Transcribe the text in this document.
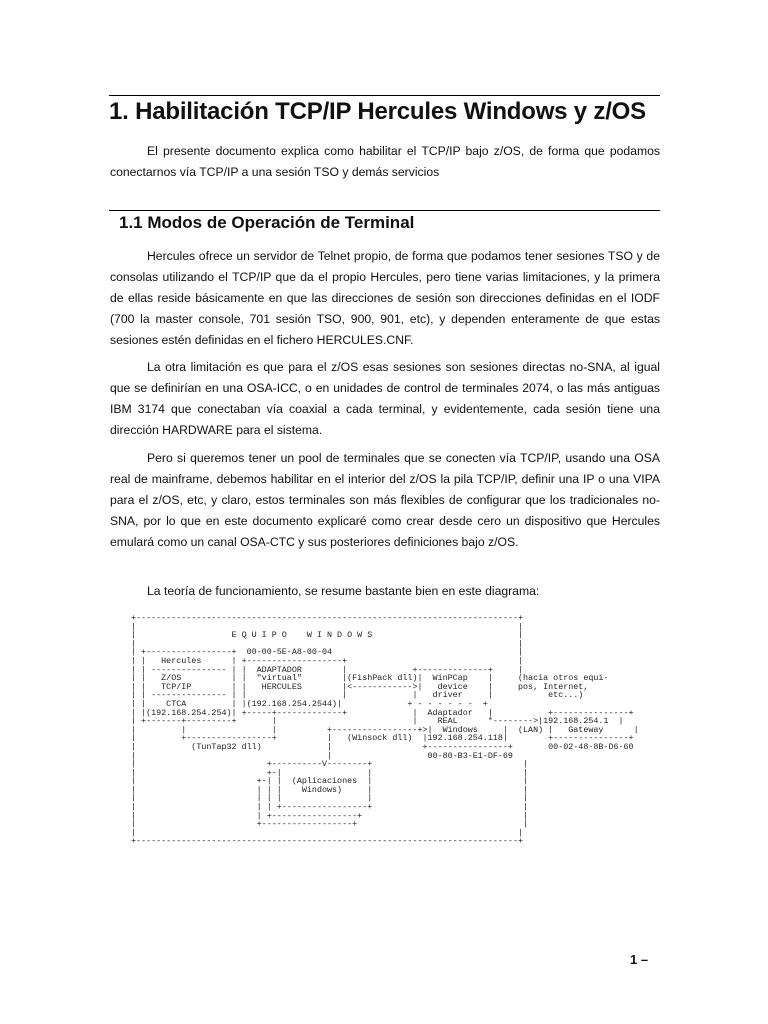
1. Habilitación TCP/IP Hercules Windows y z/OS

El presente documento explica como habilitar el TCP/IP bajo z/OS, de forma que podamos conectarnos vía TCP/IP a una sesión TSO y demás servicios

1.1 Modos de Operación de Terminal

Hercules ofrece un servidor de Telnet propio, de forma que podamos tener sesiones TSO y de consolas utilizando el TCP/IP que da el propio Hercules, pero tiene varias limitaciones, y la primera de ellas reside básicamente en que las direcciones de sesión son direcciones definidas en el IODF (700 la master console, 701 sesión TSO, 900, 901, etc), y dependen enteramente de que estas sesiones estén definidas en el fichero HERCULES.CNF.

La otra limitación es que para el z/OS esas sesiones son sesiones directas no-SNA, al igual que se definirían en una OSA-ICC, o en unidades de control de terminales 2074, o las más antiguas IBM 3174 que conectaban vía coaxial a cada terminal, y evidentemente, cada sesión tiene una dirección HARDWARE para el sistema.

Pero si queremos tener un pool de terminales que se conecten vía TCP/IP, usando una OSA real de mainframe, debemos habilitar en el interior del z/OS la pila TCP/IP, definir una IP o una VIPA para el z/OS, etc, y claro, estos terminales son más flexibles de configurar que los tradicionales no-SNA, por lo que en este documento explicaré como crear desde cero un dispositivo que Hercules emulará como un canal OSA-CTC y sus posteriores definiciones bajo z/OS.

La teoría de funcionamiento, se resume bastante bien en este diagrama:

+----------------------------------------------------------------------------+
|                                                                            |
|                   E Q U I P O    W I N D O W S                             |
|                                                                            |
| +-----------------+  00-00-5E-A8-00-04                                     |
| |   Hercules      | +-------------------+                                  |
| | --------------- | |  ADAPTADOR        |             +--------------+     |
| |   Z/OS          | |  "virtual"        |(FishPack dll)|  WinPCap    |     (hacia otros equi-
| |   TCP/IP        | |   HERCULES        |<------------>|   device    |     pos, Internet,
| | --------------- | |                   |             |   driver     |           etc...)
| |    CTCA         | |(192.168.254.2544)|             + - - - - - -  +
| |(192.168.254.254)| +-----+-------------+             |  Adaptador   |           +---------------+
| +-------+---------+       |                           |    REAL      *-------->|192.168.254.1  |
|         |                 |          +-----------------+>|  Windows     |  (LAN) |   Gateway      |
|         +-----------------+          |   (Winsock dll)  |192.168.254.118|        +---------------+
|           (TunTap32 dll)             |                  +----------------+       00-02-48-8B-D6-60
|                                      |                   00-80-B3-E1-DF-69
|                          +----------V--------+                              |
|                          +-|                 |                              |
|                        +-| |  (Aplicaciones  |                              |
|                        | | |    Windows)     |                              |
|                        | | |                 |                              |
|                        | | +-----------------+                              |
|                        | +-----------------+                                |
|                        +------------------+                                 |
|                                                                            |
+----------------------------------------------------------------------------+
1 –
